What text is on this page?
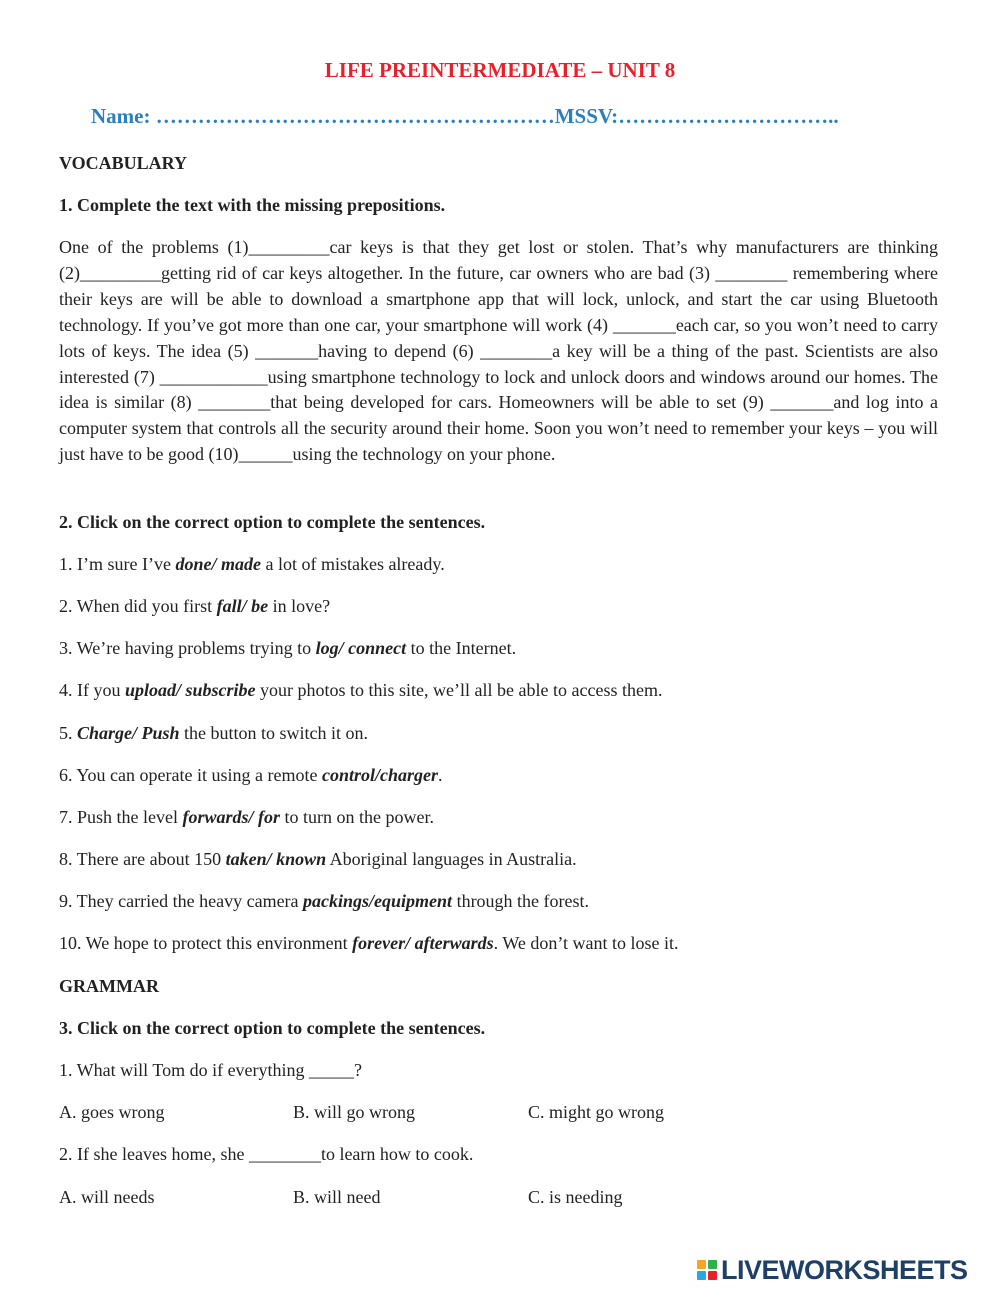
LIFE PREINTERMEDIATE – UNIT 8
Name: …………………………………………………MSSV:…………………………..
VOCABULARY
1. Complete the text with the missing prepositions.
One of the problems (1)_________car keys is that they get lost or stolen. That’s why manufacturers are thinking (2)_________getting rid of car keys altogether. In the future, car owners who are bad (3) ________ remembering where their keys are will be able to download a smartphone app that will lock, unlock, and start the car using Bluetooth technology. If you’ve got more than one car, your smartphone will work (4) _______each car, so you won’t need to carry lots of keys. The idea (5) _______having to depend (6) ________a key will be a thing of the past. Scientists are also interested (7) ____________using smartphone technology to lock and unlock doors and windows around our homes. The idea is similar (8) ________that being developed for cars. Homeowners will be able to set (9) _______and log into a computer system that controls all the security around their home. Soon you won’t need to remember your keys – you will just have to be good (10)______using the technology on your phone.
2. Click on the correct option to complete the sentences.
1. I’m sure I’ve done/ made a lot of mistakes already.
2. When did you first fall/ be in love?
3. We’re having problems trying to log/ connect to the Internet.
4. If you upload/ subscribe your photos to this site, we’ll all be able to access them.
5. Charge/ Push the button to switch it on.
6. You can operate it using a remote control/charger.
7. Push the level forwards/ for to turn on the power.
8. There are about 150 taken/ known Aboriginal languages in Australia.
9. They carried the heavy camera packings/equipment through the forest.
10. We hope to protect this environment forever/ afterwards. We don’t want to lose it.
GRAMMAR
3. Click on the correct option to complete the sentences.
1. What will Tom do if everything _____?
A. goes wrong	B. will go wrong	C. might go wrong
2. If she leaves home, she ________to learn how to cook.
A. will needs	B. will need	C. is needing
LIVEWORKSHEETS
